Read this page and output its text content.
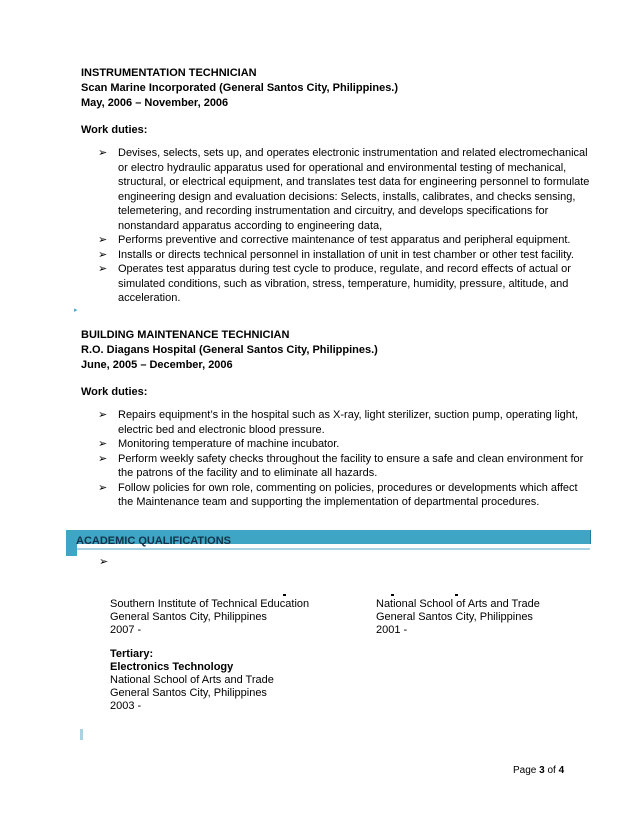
INSTRUMENTATION TECHNICIAN
Scan Marine Incorporated (General Santos City, Philippines.)
May, 2006 – November, 2006
Work duties:
➢ Devises, selects, sets up, and operates electronic instrumentation and related electromechanical or electro hydraulic apparatus used for operational and environmental testing of mechanical, structural, or electrical equipment, and translates test data for engineering personnel to formulate engineering design and evaluation decisions: Selects, installs, calibrates, and checks sensing, telemetering, and recording instrumentation and circuitry, and develops specifications for nonstandard apparatus according to engineering data,
➢ Performs preventive and corrective maintenance of test apparatus and peripheral equipment.
➢ Installs or directs technical personnel in installation of unit in test chamber or other test facility.
➢ Operates test apparatus during test cycle to produce, regulate, and record effects of actual or simulated conditions, such as vibration, stress, temperature, humidity, pressure, altitude, and acceleration.
▸
BUILDING MAINTENANCE TECHNICIAN
R.O. Diagans Hospital (General Santos City, Philippines.)
June, 2005 – December, 2006
Work duties:
➢ Repairs equipment’s in the hospital such as X-ray, light sterilizer, suction pump, operating light, electric bed and electronic blood pressure.
➢ Monitoring temperature of machine incubator.
➢ Perform weekly safety checks throughout the facility to ensure a safe and clean environment for the patrons of the facility and to eliminate all hazards.
➢ Follow policies for own role, commenting on policies, procedures or developments which affect the Maintenance team and supporting the implementation of departmental procedures.
ACADEMIC QUALIFICATIONS
➢
Southern Institute of Technical Education
General Santos City, Philippines
2007 -
National School of Arts and Trade
General Santos City, Philippines
2001 -
Tertiary:
Electronics Technology
National School of Arts and Trade
General Santos City, Philippines
2003 -
Page 3 of 4
